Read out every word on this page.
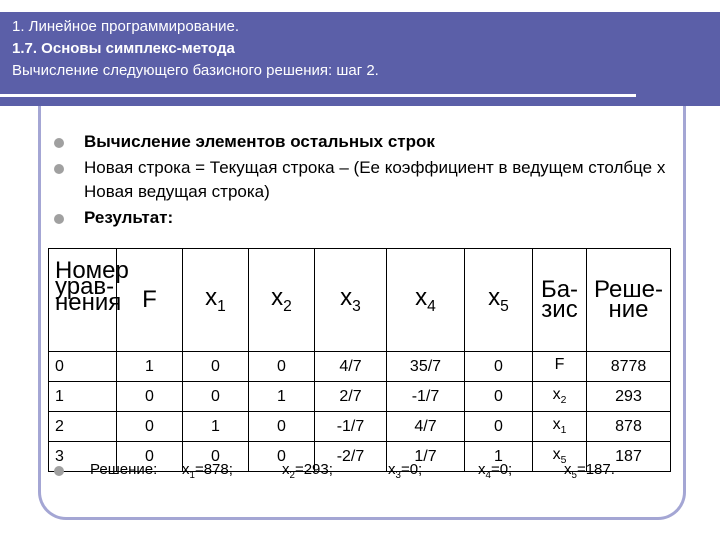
1. Линейное программирование.
1.7. Основы симплекс-метода
Вычисление следующего базисного решения: шаг 2.
Вычисление элементов остальных строк
Новая строка = Текущая строка – (Ее коэффициент в ведущем столбце х Новая ведущая строка)
Результат:
Номер урав-нения	F	$x_1$	$x_2$	$x_3$	$x_4$	$x_5$	Ба-зис	Реше-ние
0	1	0	0	4/7	35/7	0	F	8778
1	0	0	1	2/7	-1/7	0	$x_2$	293
2	0	1	0	-1/7	4/7	0	$x_1$	878
3	0	0	0	-2/7	1/7	1	$x_5$	187
Решение: $x_1=878$;	$x_2=293$;	$x_3=0$;	$x_4=0$;	$x_5=187$.
